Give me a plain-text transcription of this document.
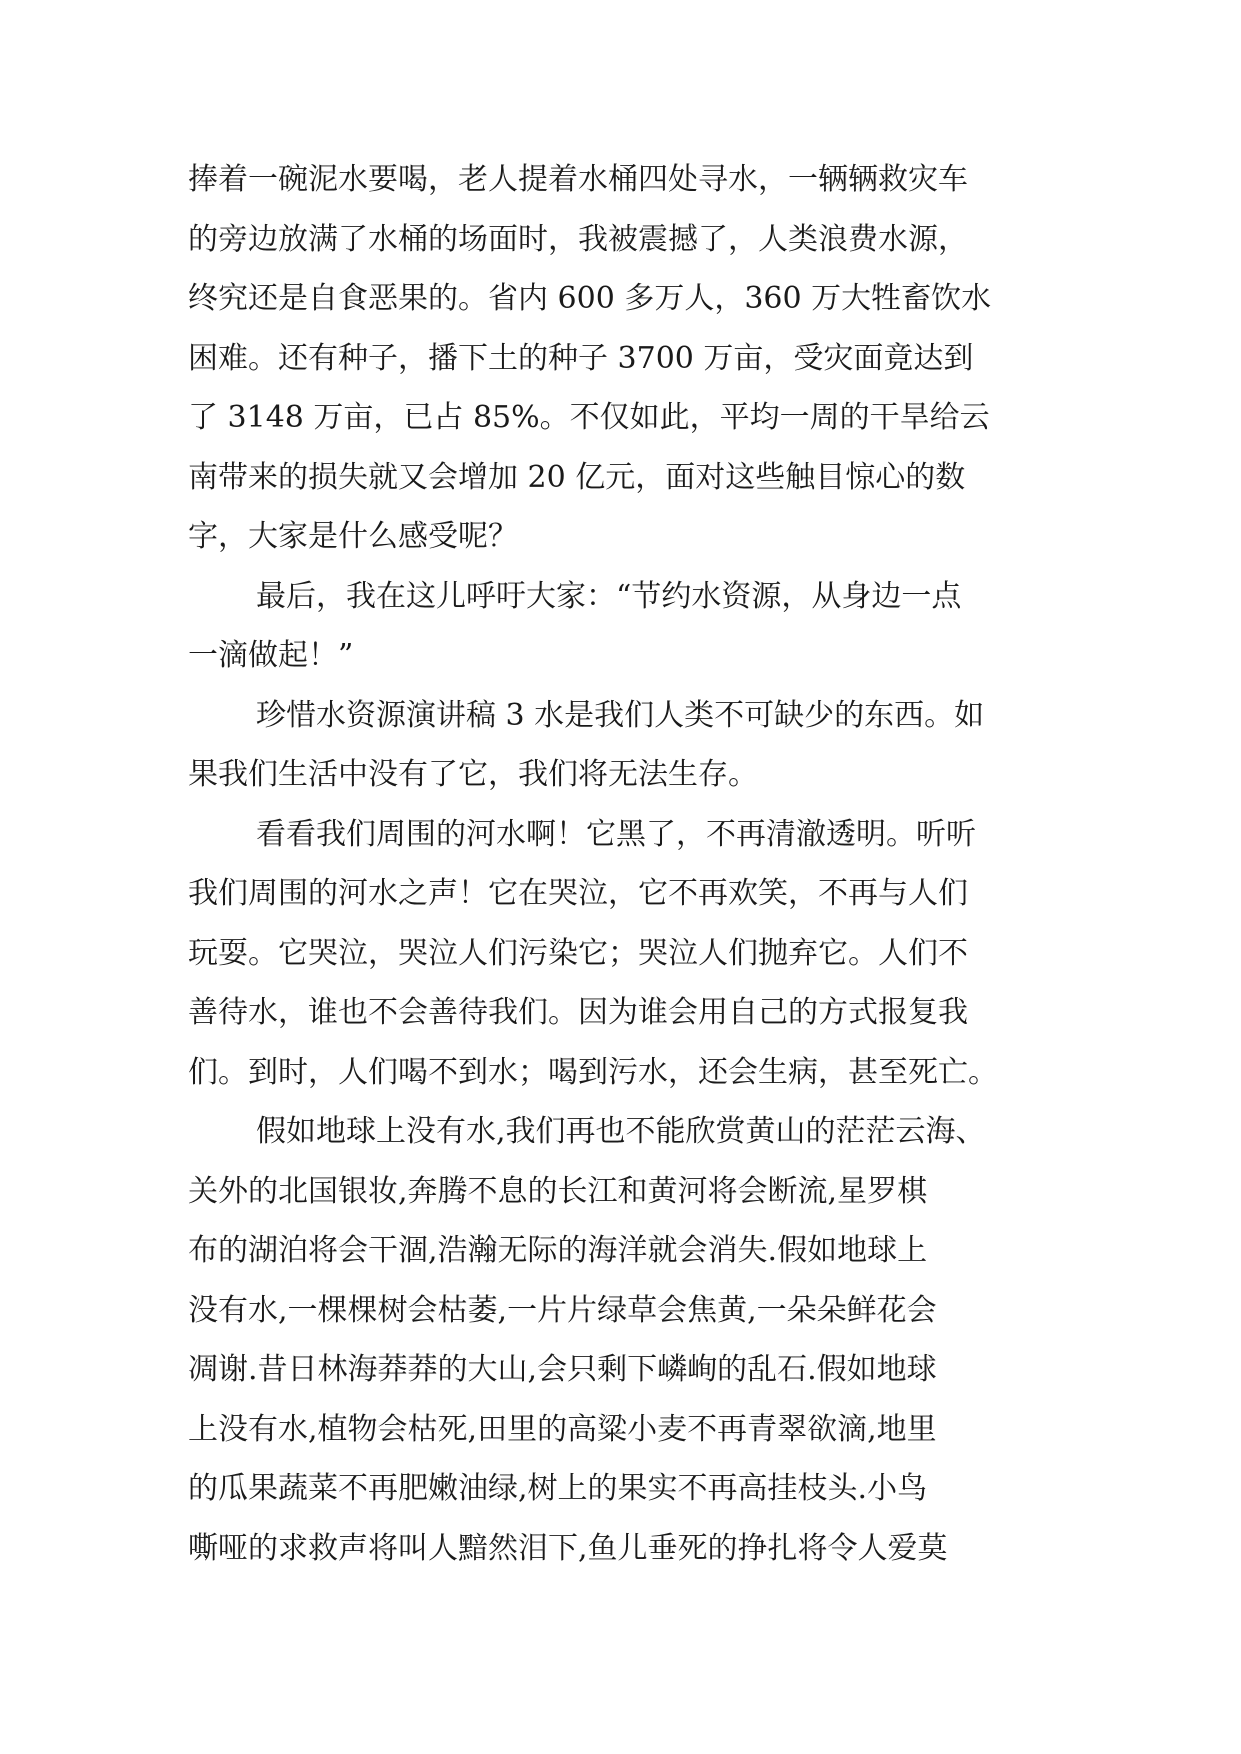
捧着一碗泥水要喝，老人提着水桶四处寻水，一辆辆救灾车
的旁边放满了水桶的场面时，我被震撼了，人类浪费水源，
终究还是自食恶果的。省内 600 多万人，360 万大牲畜饮水
困难。还有种子，播下土的种子 3700 万亩，受灾面竟达到
了 3148 万亩，已占 85%。不仅如此，平均一周的干旱给云
南带来的损失就又会增加 20 亿元，面对这些触目惊心的数
字，大家是什么感受呢？
最后，我在这儿呼吁大家：“节约水资源，从身边一点
一滴做起！”
珍惜水资源演讲稿 3 水是我们人类不可缺少的东西。如
果我们生活中没有了它，我们将无法生存。
看看我们周围的河水啊！它黑了，不再清澈透明。听听
我们周围的河水之声！它在哭泣，它不再欢笑，不再与人们
玩耍。它哭泣，哭泣人们污染它；哭泣人们抛弃它。人们不
善待水，谁也不会善待我们。因为谁会用自己的方式报复我
们。到时，人们喝不到水；喝到污水，还会生病，甚至死亡。
假如地球上没有水,我们再也不能欣赏黄山的茫茫云海、
关外的北国银妆,奔腾不息的长江和黄河将会断流,星罗棋
布的湖泊将会干涸,浩瀚无际的海洋就会消失.假如地球上
没有水,一棵棵树会枯萎,一片片绿草会焦黄,一朵朵鲜花会
凋谢.昔日林海莽莽的大山,会只剩下嶙峋的乱石.假如地球
上没有水,植物会枯死,田里的高粱小麦不再青翠欲滴,地里
的瓜果蔬菜不再肥嫩油绿,树上的果实不再高挂枝头.小鸟
嘶哑的求救声将叫人黯然泪下,鱼儿垂死的挣扎将令人爱莫
